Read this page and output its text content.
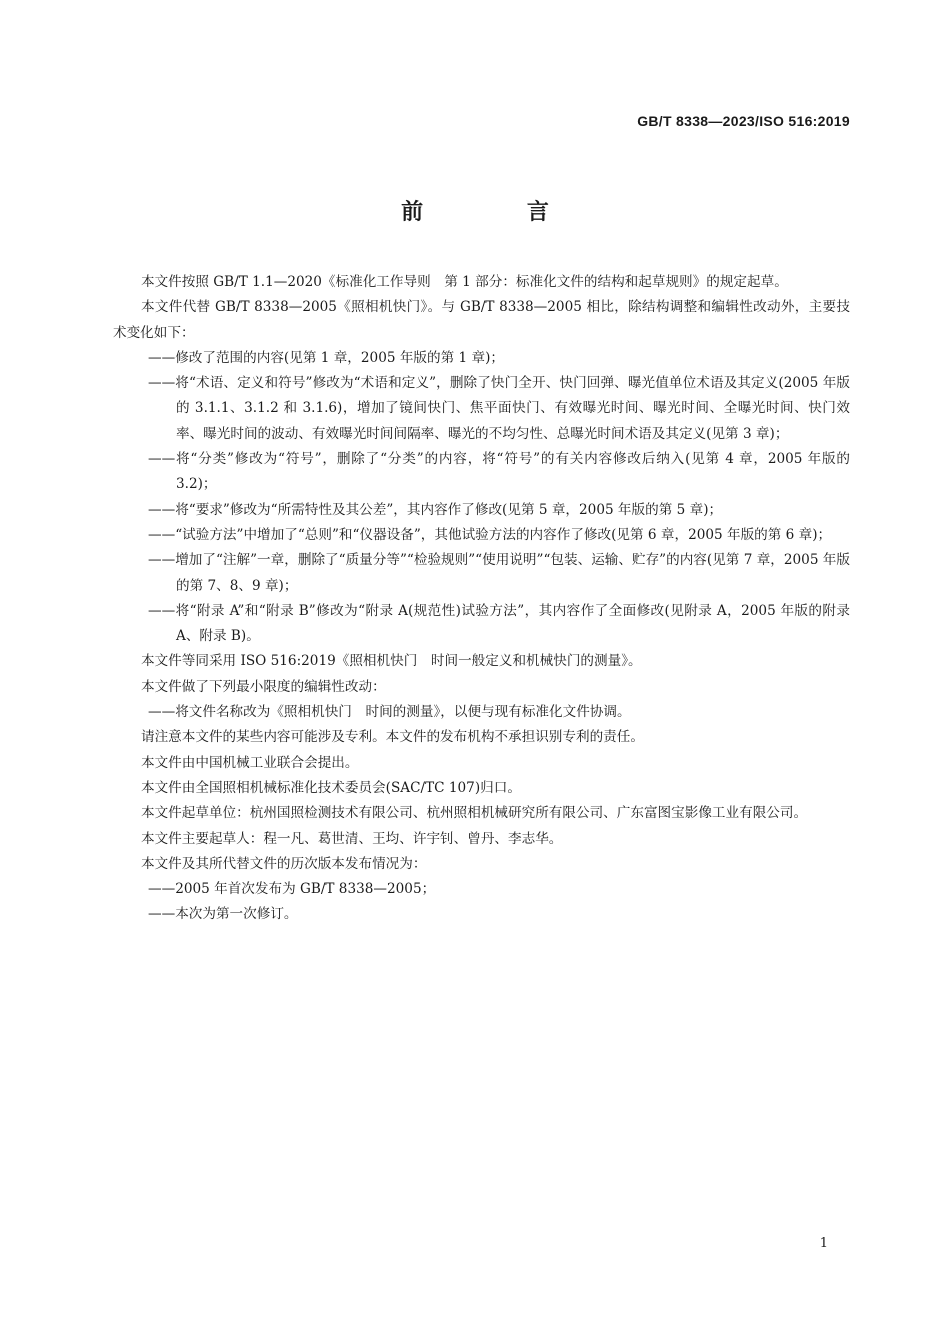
GB/T 8338—2023/ISO 516:2019
前 言
本文件按照 GB/T 1.1—2020《标准化工作导则　第 1 部分：标准化文件的结构和起草规则》的规定起草。
本文件代替 GB/T 8338—2005《照相机快门》。与 GB/T 8338—2005 相比，除结构调整和编辑性改动外，主要技术变化如下：
——修改了范围的内容(见第 1 章，2005 年版的第 1 章)；
——将“术语、定义和符号”修改为“术语和定义”，删除了快门全开、快门回弹、曝光值单位术语及其定义(2005 年版的 3.1.1、3.1.2 和 3.1.6)，增加了镜间快门、焦平面快门、有效曝光时间、曝光时间、全曝光时间、快门效率、曝光时间的波动、有效曝光时间间隔率、曝光的不均匀性、总曝光时间术语及其定义(见第 3 章)；
——将“分类”修改为“符号”，删除了“分类”的内容，将“符号”的有关内容修改后纳入(见第 4 章，2005 年版的 3.2)；
——将“要求”修改为“所需特性及其公差”，其内容作了修改(见第 5 章，2005 年版的第 5 章)；
——“试验方法”中增加了“总则”和“仪器设备”，其他试验方法的内容作了修改(见第 6 章，2005 年版的第 6 章)；
——增加了“注解”一章，删除了“质量分等”“检验规则”“使用说明”“包装、运输、贮存”的内容(见第 7 章，2005 年版的第 7、8、9 章)；
——将“附录 A”和“附录 B”修改为“附录 A(规范性)试验方法”，其内容作了全面修改(见附录 A，2005 年版的附录 A、附录 B)。
本文件等同采用 ISO 516:2019《照相机快门　时间一般定义和机械快门的测量》。
本文件做了下列最小限度的编辑性改动：
——将文件名称改为《照相机快门　时间的测量》，以便与现有标准化文件协调。
请注意本文件的某些内容可能涉及专利。本文件的发布机构不承担识别专利的责任。
本文件由中国机械工业联合会提出。
本文件由全国照相机械标准化技术委员会(SAC/TC 107)归口。
本文件起草单位：杭州国照检测技术有限公司、杭州照相机械研究所有限公司、广东富图宝影像工业有限公司。
本文件主要起草人：程一凡、葛世清、王均、许宇钊、曾丹、李志华。
本文件及其所代替文件的历次版本发布情况为：
——2005 年首次发布为 GB/T 8338—2005；
——本次为第一次修订。
1
